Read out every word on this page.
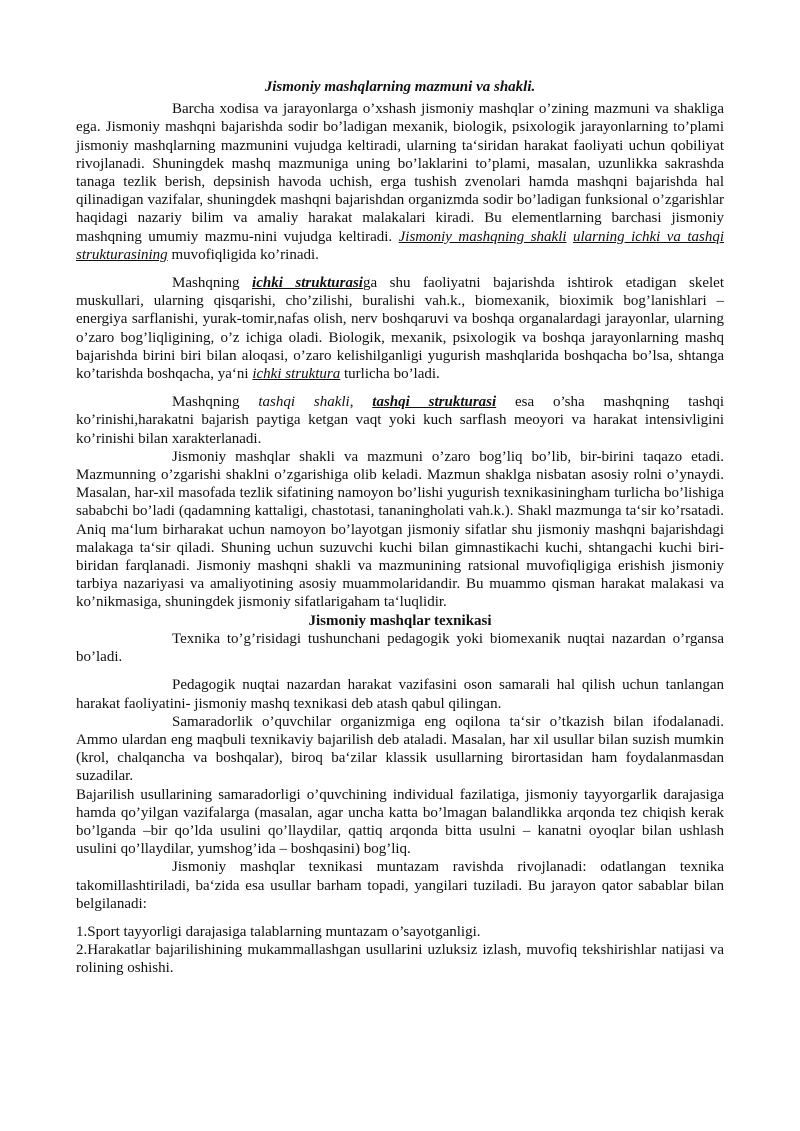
Jismoniy mashqlarning mazmuni va shakli.

Barcha xodisa va jarayonlarga o’xshash jismoniy mashqlar o’zining mazmuni va shakliga ega. Jismoniy mashqni bajarishda sodir bo’ladigan mexanik, biologik, psixologik jarayonlarning to’plami jismoniy mashqlarning mazmunini vujudga keltiradi, ularning ta‘siridan harakat faoliyati uchun qobiliyat rivojlanadi. Shuningdek mashq mazmuniga uning bo’laklarini to’plami, masalan, uzunlikka sakrashda tanaga tezlik berish, depsinish havoda uchish, erga tushish zvenolari hamda mashqni bajarishda hal qilinadigan vazifalar, shuningdek mashqni bajarishdan organizmda sodir bo’ladigan funksional o’zgarishlar haqidagi nazariy bilim va amaliy harakat malakalari kiradi. Bu elementlarning barchasi jismoniy mashqning umumiy mazmu-nini vujudga keltiradi. Jismoniy mashqning shakli ularning ichki va tashqi strukturasining muvofiqligida ko’rinadi.

Mashqning ichki strukturasiga shu faoliyatni bajarishda ishtirok etadigan skelet muskullari, ularning qisqarishi, cho’zilishi, buralishi vah.k., biomexanik, bioximik bog’lanishlari – energiya sarflanishi, yurak-tomir,nafas olish, nerv boshqaruvi va boshqa organalardagi jarayonlar, ularning o’zaro bog’liqligining, o’z ichiga oladi. Biologik, mexanik, psixologik va boshqa jarayonlarning mashq bajarishda birini biri bilan aloqasi, o’zaro kelishilganligi yugurish mashqlarida boshqacha bo’lsa, shtanga ko’tarishda boshqacha, ya‘ni ichki struktura turlicha bo’ladi.

Mashqning tashqi shakli, tashqi strukturasi esa o’sha mashqning tashqi ko’rinishi,harakatni bajarish paytiga ketgan vaqt yoki kuch sarflash meoyori va harakat intensivligini ko’rinishi bilan xarakterlanadi.

Jismoniy mashqlar shakli va mazmuni o’zaro bog’liq bo’lib, bir-birini taqazo etadi. Mazmunning o’zgarishi shaklni o’zgarishiga olib keladi. Mazmun shaklga nisbatan asosiy rolni o’ynaydi. Masalan, har-xil masofada tezlik sifatining namoyon bo’lishi yugurish texnikasiningham turlicha bo’lishiga sababchi bo’ladi (qadamning kattaligi, chastotasi, tananingholati vah.k.). Shakl mazmunga ta‘sir ko’rsatadi. Aniq ma‘lum birharakat uchun namoyon bo’layotgan jismoniy sifatlar shu jismoniy mashqni bajarishdagi malakaga ta‘sir qiladi. Shuning uchun suzuvchi kuchi bilan gimnastikachi kuchi, shtangachi kuchi biri-biridan farqlanadi. Jismoniy mashqni shakli va mazmunining ratsional muvofiqligiga erishish jismoniy tarbiya nazariyasi va amaliyotining asosiy muammolaridandir. Bu muammo qisman harakat malakasi va ko’nikmasiga, shuningdek jismoniy sifatlarigaham ta‘luqlidir.

Jismoniy mashqlar texnikasi

Texnika to’g’risidagi tushunchani pedagogik yoki biomexanik nuqtai nazardan o’rgansa bo’ladi.

Pedagogik nuqtai nazardan harakat vazifasini oson samarali hal qilish uchun tanlangan harakat faoliyatini- jismoniy mashq texnikasi deb atash qabul qilingan.

Samaradorlik o’quvchilar organizmiga eng oqilona ta‘sir o’tkazish bilan ifodalanadi. Ammo ulardan eng maqbuli texnikaviy bajarilish deb ataladi. Masalan, har xil usullar bilan suzish mumkin (krol, chalqancha va boshqalar), biroq ba‘zilar klassik usullarning birortasidan ham foydalanmasdan suzadilar.

Bajarilish usullarining samaradorligi o’quvchining individual fazilatiga, jismoniy tayyorgarlik darajasiga hamda qo’yilgan vazifalarga (masalan, agar uncha katta bo’lmagan balandlikka arqonda tez chiqish kerak bo’lganda –bir qo’lda usulini qo’llaydilar, qattiq arqonda bitta usulni – kanatni oyoqlar bilan ushlash usulini qo’llaydilar, yumshog’ida – boshqasini) bog’liq.

Jismoniy mashqlar texnikasi muntazam ravishda rivojlanadi: odatlangan texnika takomillashtiriladi, ba‘zida esa usullar barham topadi, yangilari tuziladi. Bu jarayon qator sabablar bilan belgilanadi:

1.Sport tayyorligi darajasiga talablarning muntazam o’sayotganligi.

2.Harakatlar bajarilishining mukammallashgan usullarini uzluksiz izlash, muvofiq tekshirishlar natijasi va rolining oshishi.
